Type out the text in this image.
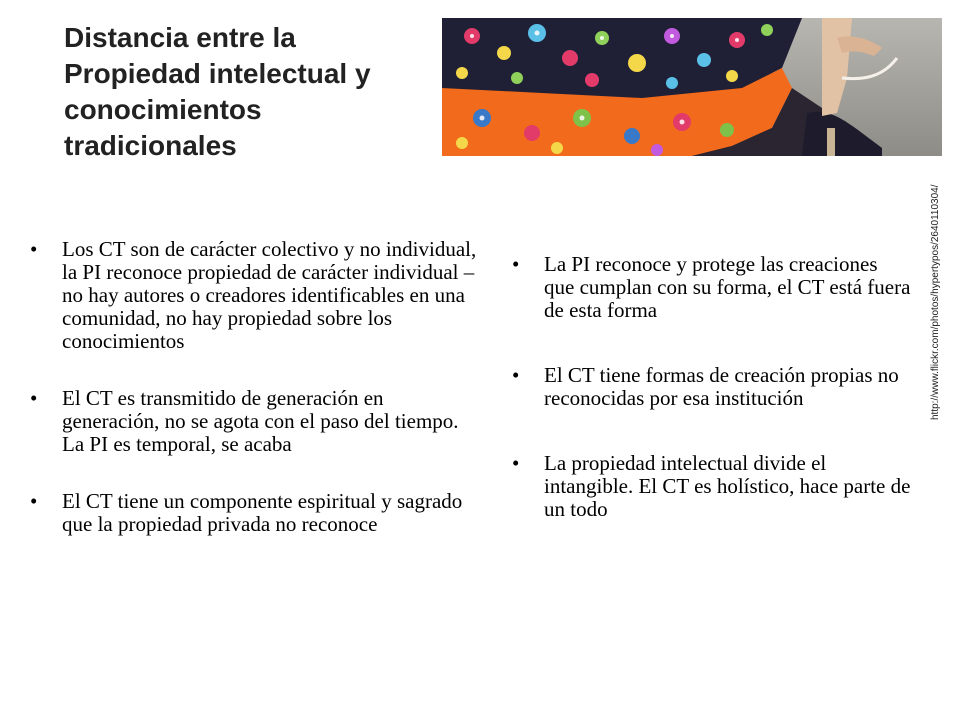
Distancia entre la
Propiedad intelectual y
conocimientos
tradicionales
http://www.flickr.com/photos/hypertypos/2640110304/
• Los CT son de carácter colectivo y no individual, la PI reconoce propiedad de carácter individual – no hay autores o creadores identificables en una comunidad, no hay propiedad sobre los conocimientos
• El CT es transmitido de generación en generación, no se agota con el paso del tiempo. La PI es temporal, se acaba
• El CT tiene un componente espiritual y sagrado que la propiedad privada no reconoce
• La PI reconoce y protege las creaciones que cumplan con su forma, el CT está fuera de esta forma
• El CT tiene formas de creación propias no reconocidas por esa institución
• La propiedad intelectual divide el intangible. El CT es holístico, hace parte de un todo
